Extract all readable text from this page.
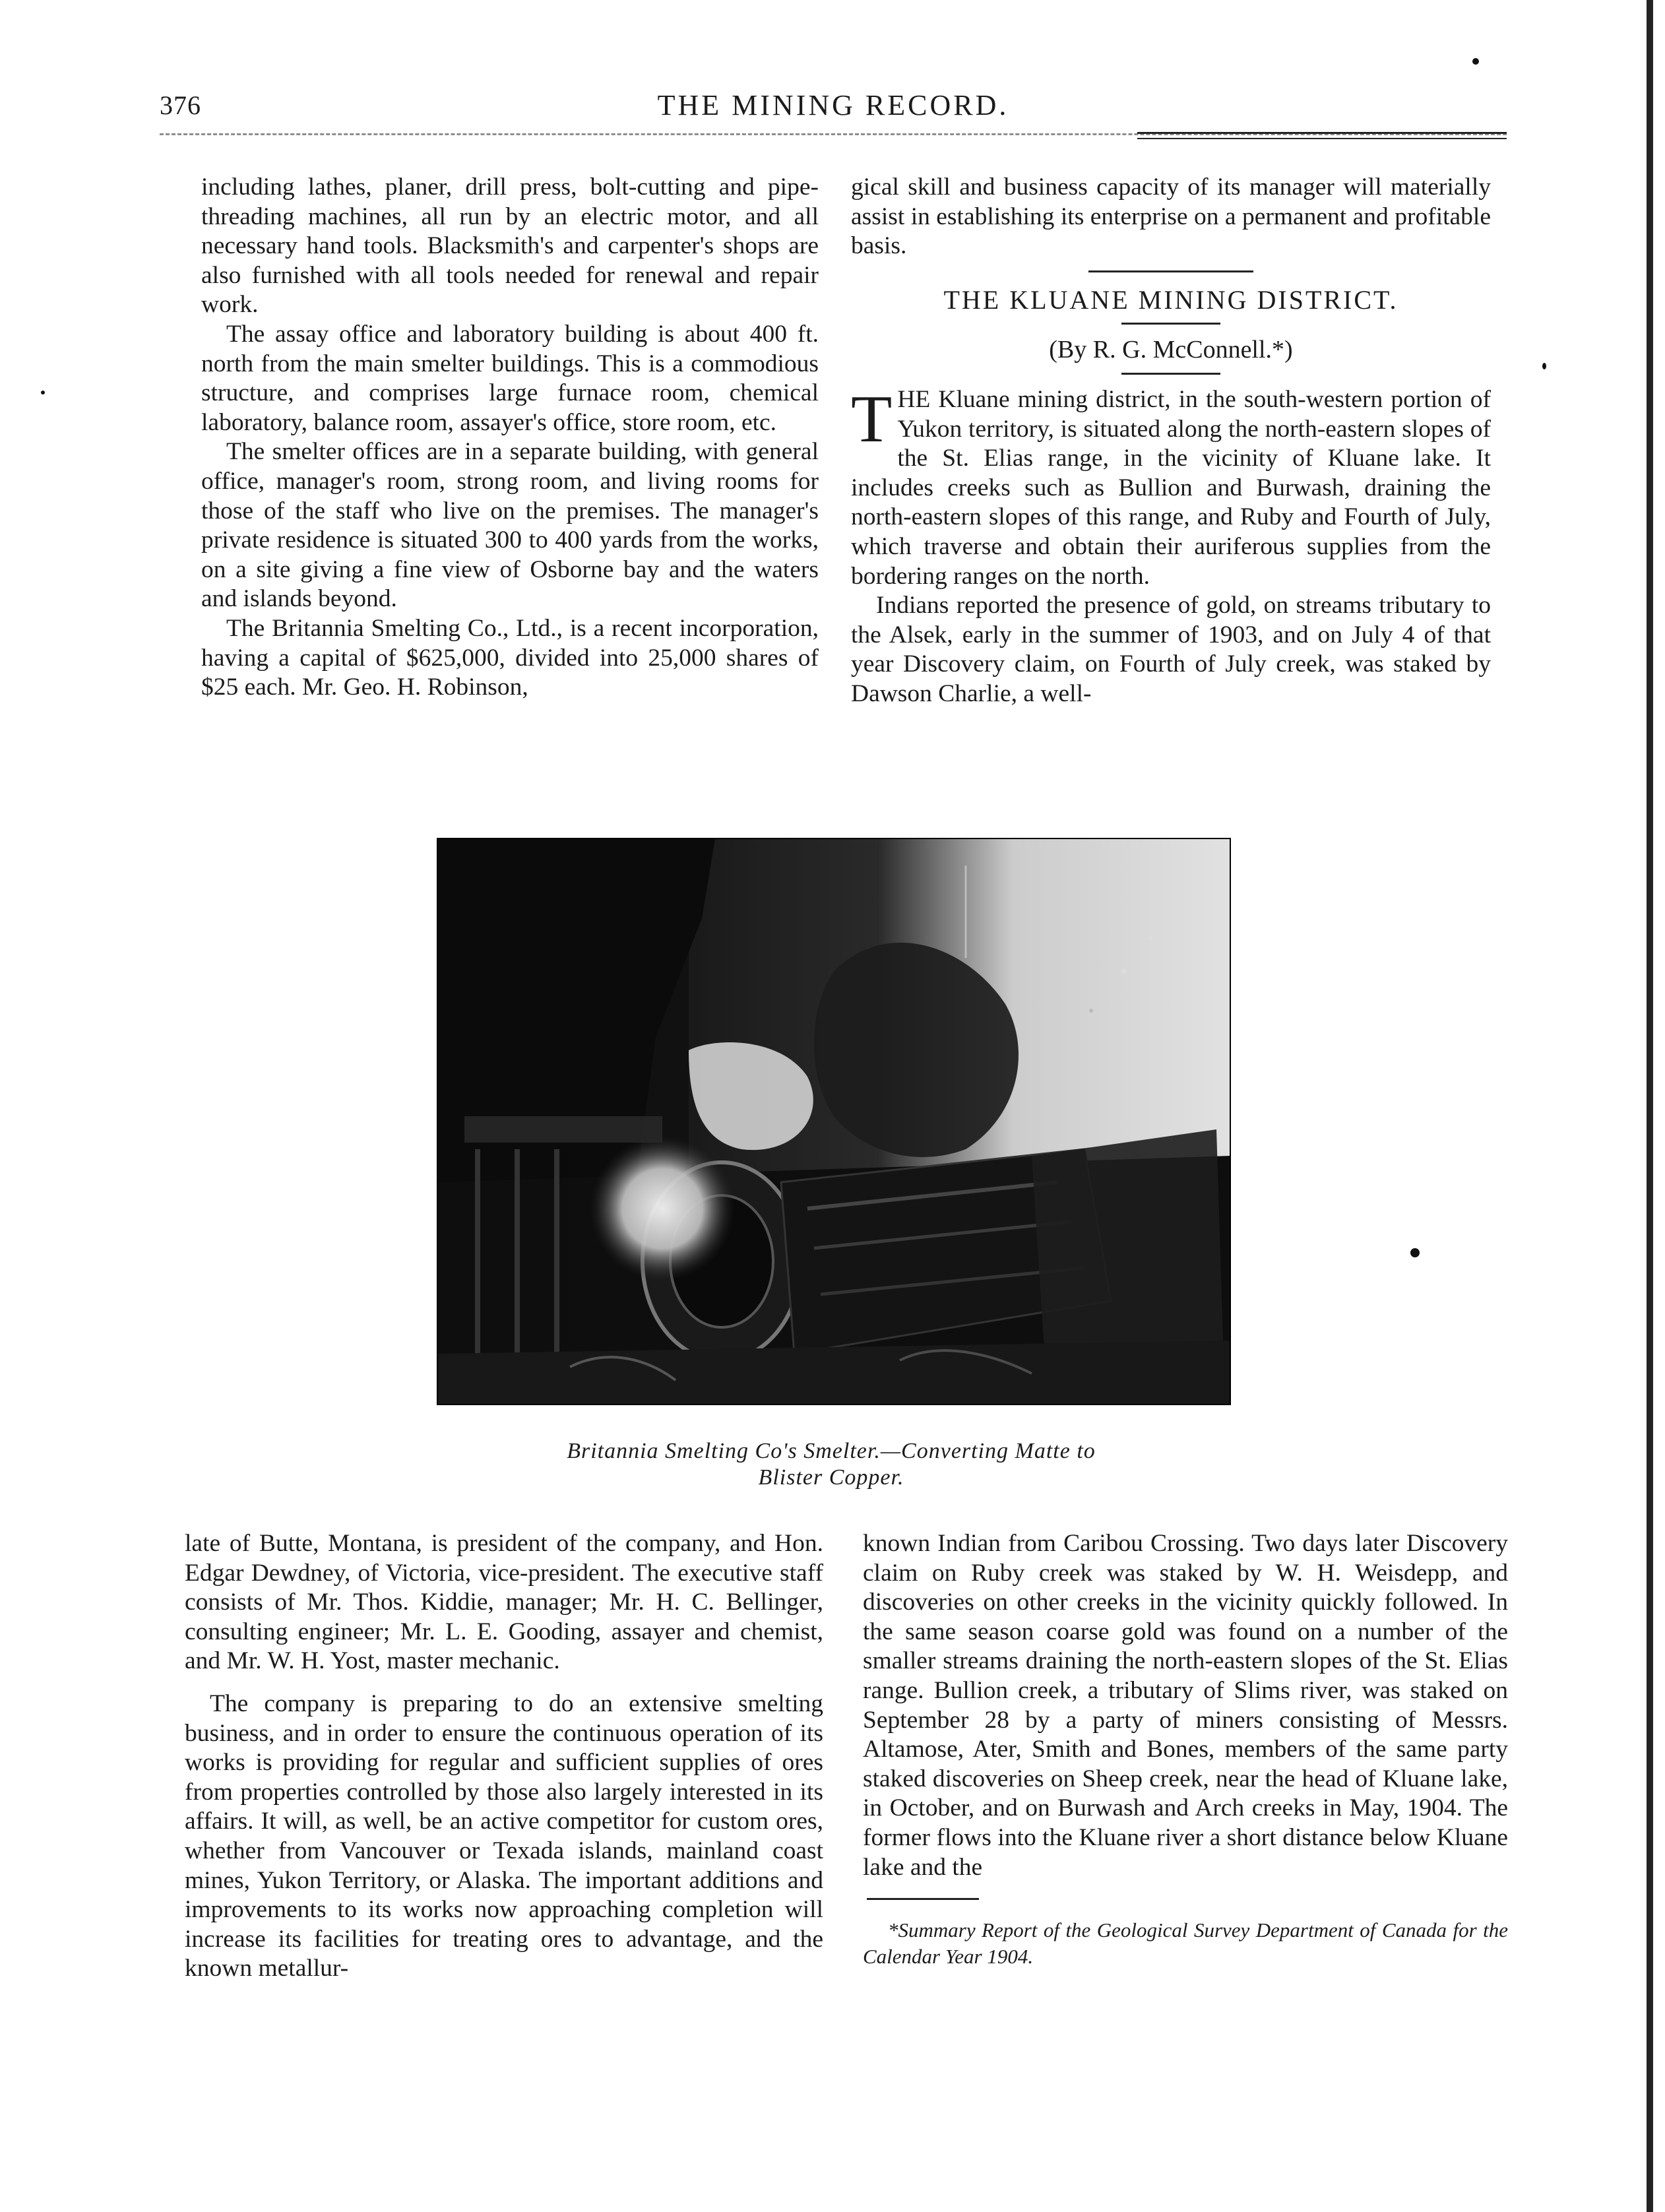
376	THE MINING RECORD.

including lathes, planer, drill press, bolt-cutting and pipe-threading machines, all run by an electric motor, and all necessary hand tools. Blacksmith's and carpenter's shops are also furnished with all tools needed for renewal and repair work.

The assay office and laboratory building is about 400 ft. north from the main smelter buildings. This is a commodious structure, and comprises large furnace room, chemical laboratory, balance room, assayer's office, store room, etc.

The smelter offices are in a separate building, with general office, manager's room, strong room, and living rooms for those of the staff who live on the premises. The manager's private residence is situated 300 to 400 yards from the works, on a site giving a fine view of Osborne bay and the waters and islands beyond.

The Britannia Smelting Co., Ltd., is a recent incorporation, having a capital of $625,000, divided into 25,000 shares of $25 each. Mr. Geo. H. Robinson,

gical skill and business capacity of its manager will materially assist in establishing its enterprise on a permanent and profitable basis.

THE KLUANE MINING DISTRICT.
(By R. G. McConnell.*)

THE Kluane mining district, in the south-western portion of Yukon territory, is situated along the north-eastern slopes of the St. Elias range, in the vicinity of Kluane lake. It includes creeks such as Bullion and Burwash, draining the north-eastern slopes of this range, and Ruby and Fourth of July, which traverse and obtain their auriferous supplies from the bordering ranges on the north.

Indians reported the presence of gold, on streams tributary to the Alsek, early in the summer of 1903, and on July 4 of that year Discovery claim, on Fourth of July creek, was staked by Dawson Charlie, a well-

Britannia Smelting Co's Smelter.—Converting Matte to
Blister Copper.

late of Butte, Montana, is president of the company, and Hon. Edgar Dewdney, of Victoria, vice-president. The executive staff consists of Mr. Thos. Kiddie, manager; Mr. H. C. Bellinger, consulting engineer; Mr. L. E. Gooding, assayer and chemist, and Mr. W. H. Yost, master mechanic.

The company is preparing to do an extensive smelting business, and in order to ensure the continuous operation of its works is providing for regular and sufficient supplies of ores from properties controlled by those also largely interested in its affairs. It will, as well, be an active competitor for custom ores, whether from Vancouver or Texada islands, mainland coast mines, Yukon Territory, or Alaska. The important additions and improvements to its works now approaching completion will increase its facilities for treating ores to advantage, and the known metallur-

known Indian from Caribou Crossing. Two days later Discovery claim on Ruby creek was staked by W. H. Weisdepp, and discoveries on other creeks in the vicinity quickly followed. In the same season coarse gold was found on a number of the smaller streams draining the north-eastern slopes of the St. Elias range. Bullion creek, a tributary of Slims river, was staked on September 28 by a party of miners consisting of Messrs. Altamose, Ater, Smith and Bones, members of the same party staked discoveries on Sheep creek, near the head of Kluane lake, in October, and on Burwash and Arch creeks in May, 1904. The former flows into the Kluane river a short distance below Kluane lake and the

*Summary Report of the Geological Survey Department of Canada for the Calendar Year 1904.
